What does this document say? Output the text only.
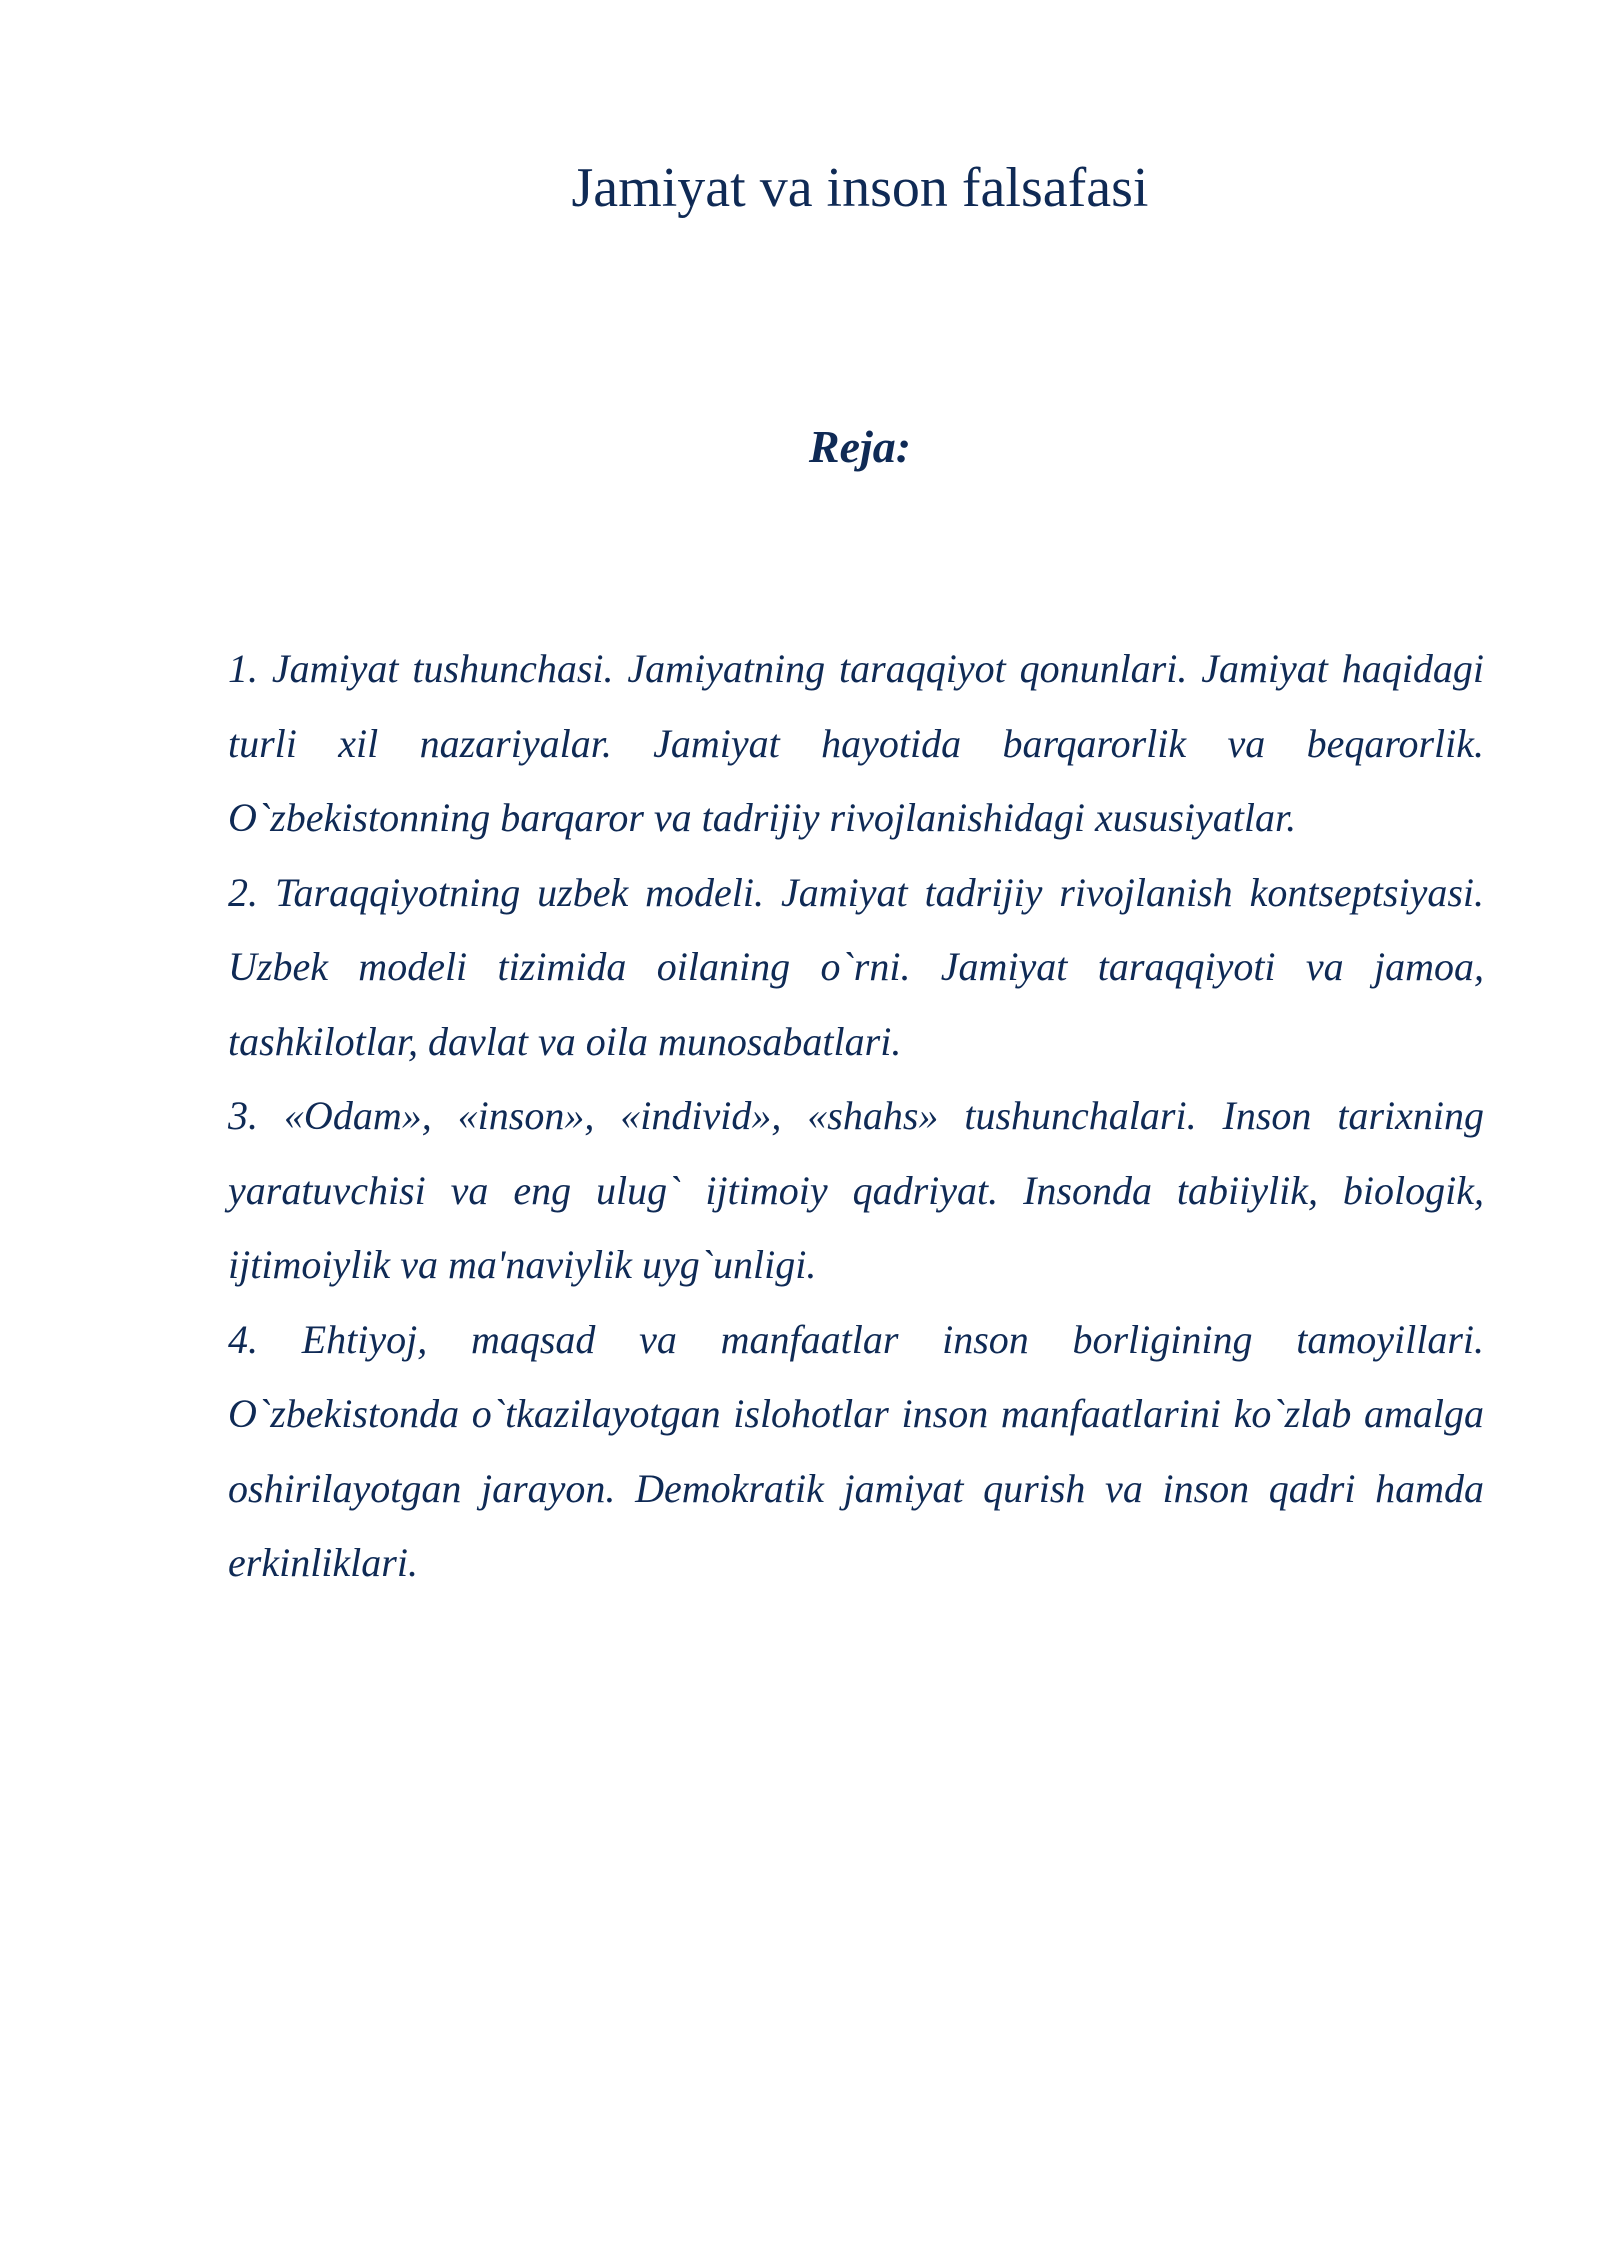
Jamiyat va inson falsafasi
Reja:

1. Jamiyat tushunchasi. Jamiyatning taraqqiyot qonunlari. Jamiyat haqidagi turli xil nazariyalar. Jamiyat hayotida barqarorlik va beqarorlik. O`zbekistonning barqaror va tadrijiy rivojlanishidagi xususiyatlar.

2. Taraqqiyotning uzbek modeli. Jamiyat tadrijiy rivojlanish kontseptsiyasi. Uzbek modeli tizimida oilaning o`rni. Jamiyat taraqqiyoti va jamoa, tashkilotlar, davlat va oila munosabatlari.

3. «Odam», «inson», «individ», «shahs» tushunchalari. Inson tarixning yaratuvchisi va eng ulug` ijtimoiy qadriyat. Insonda tabiiylik, biologik, ijtimoiylik va ma'naviylik uyg`unligi.

4. Ehtiyoj, maqsad va manfaatlar inson borligining tamoyillari. O`zbekistonda o`tkazilayotgan islohotlar inson manfaatlarini ko`zlab amalga oshirilayotgan jarayon. Demokratik jamiyat qurish va inson qadri hamda erkinliklari.
